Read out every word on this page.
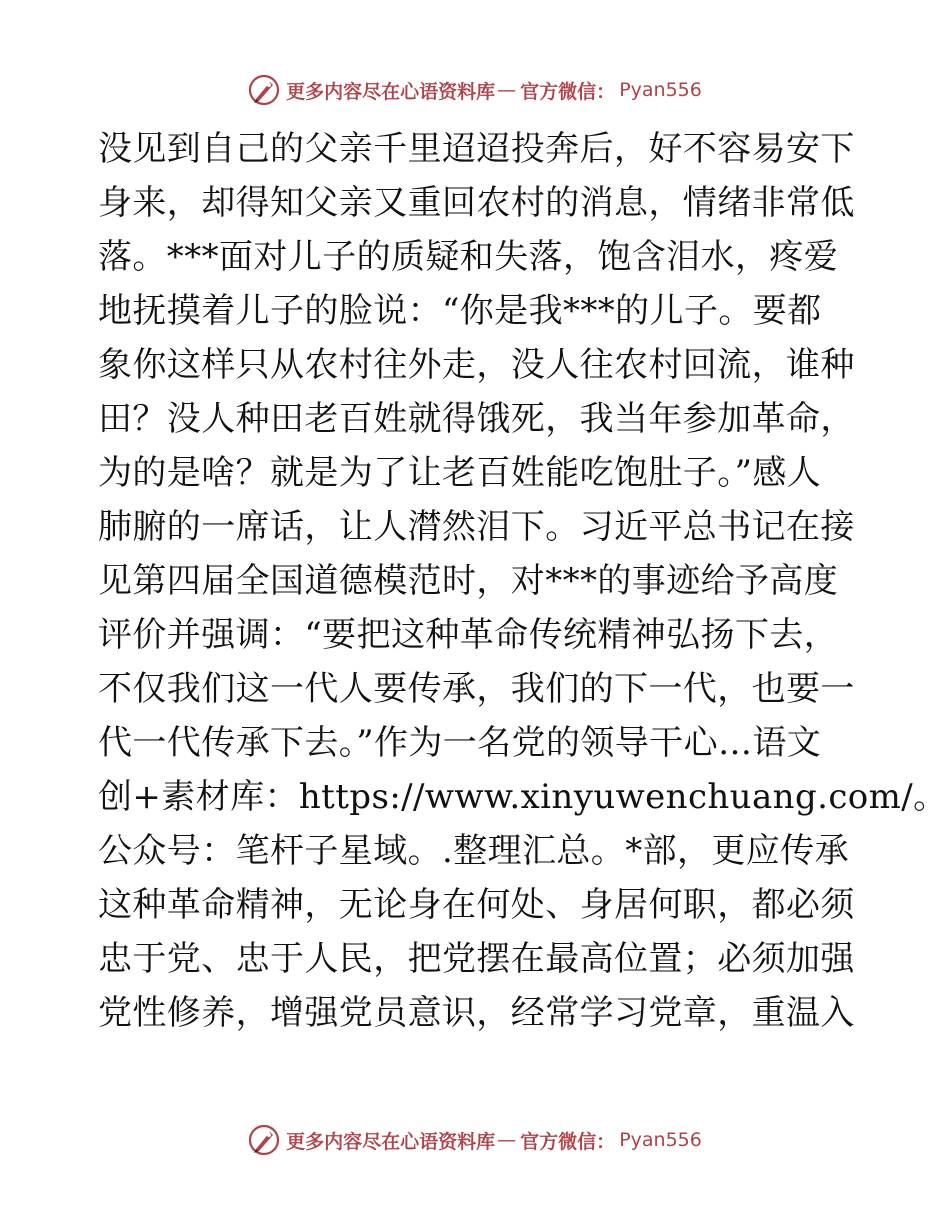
更多内容尽在心语资料库 — 官方微信： Pyan556
没见到自己的父亲千里迢迢投奔后，好不容易安下
身来，却得知父亲又重回农村的消息，情绪非常低
落。***面对儿子的质疑和失落，饱含泪水，疼爱
地抚摸着儿子的脸说：“你是我***的儿子。要都
象你这样只从农村往外走，没人往农村回流，谁种
田？没人种田老百姓就得饿死，我当年参加革命，
为的是啥？就是为了让老百姓能吃饱肚子。”感人
肺腑的一席话，让人潸然泪下。习近平总书记在接
见第四届全国道德模范时，对***的事迹给予高度
评价并强调：“要把这种革命传统精神弘扬下去，
不仅我们这一代人要传承，我们的下一代，也要一
代一代传承下去。”作为一名党的领导干心…语文
创+素材库：https://www.xinyuwenchuang.com/。
公众号：笔杆子星域。.整理汇总。*部，更应传承
这种革命精神，无论身在何处、身居何职，都必须
忠于党、忠于人民，把党摆在最高位置；必须加强
党性修养，增强党员意识，经常学习党章，重温入
更多内容尽在心语资料库 — 官方微信： Pyan556
